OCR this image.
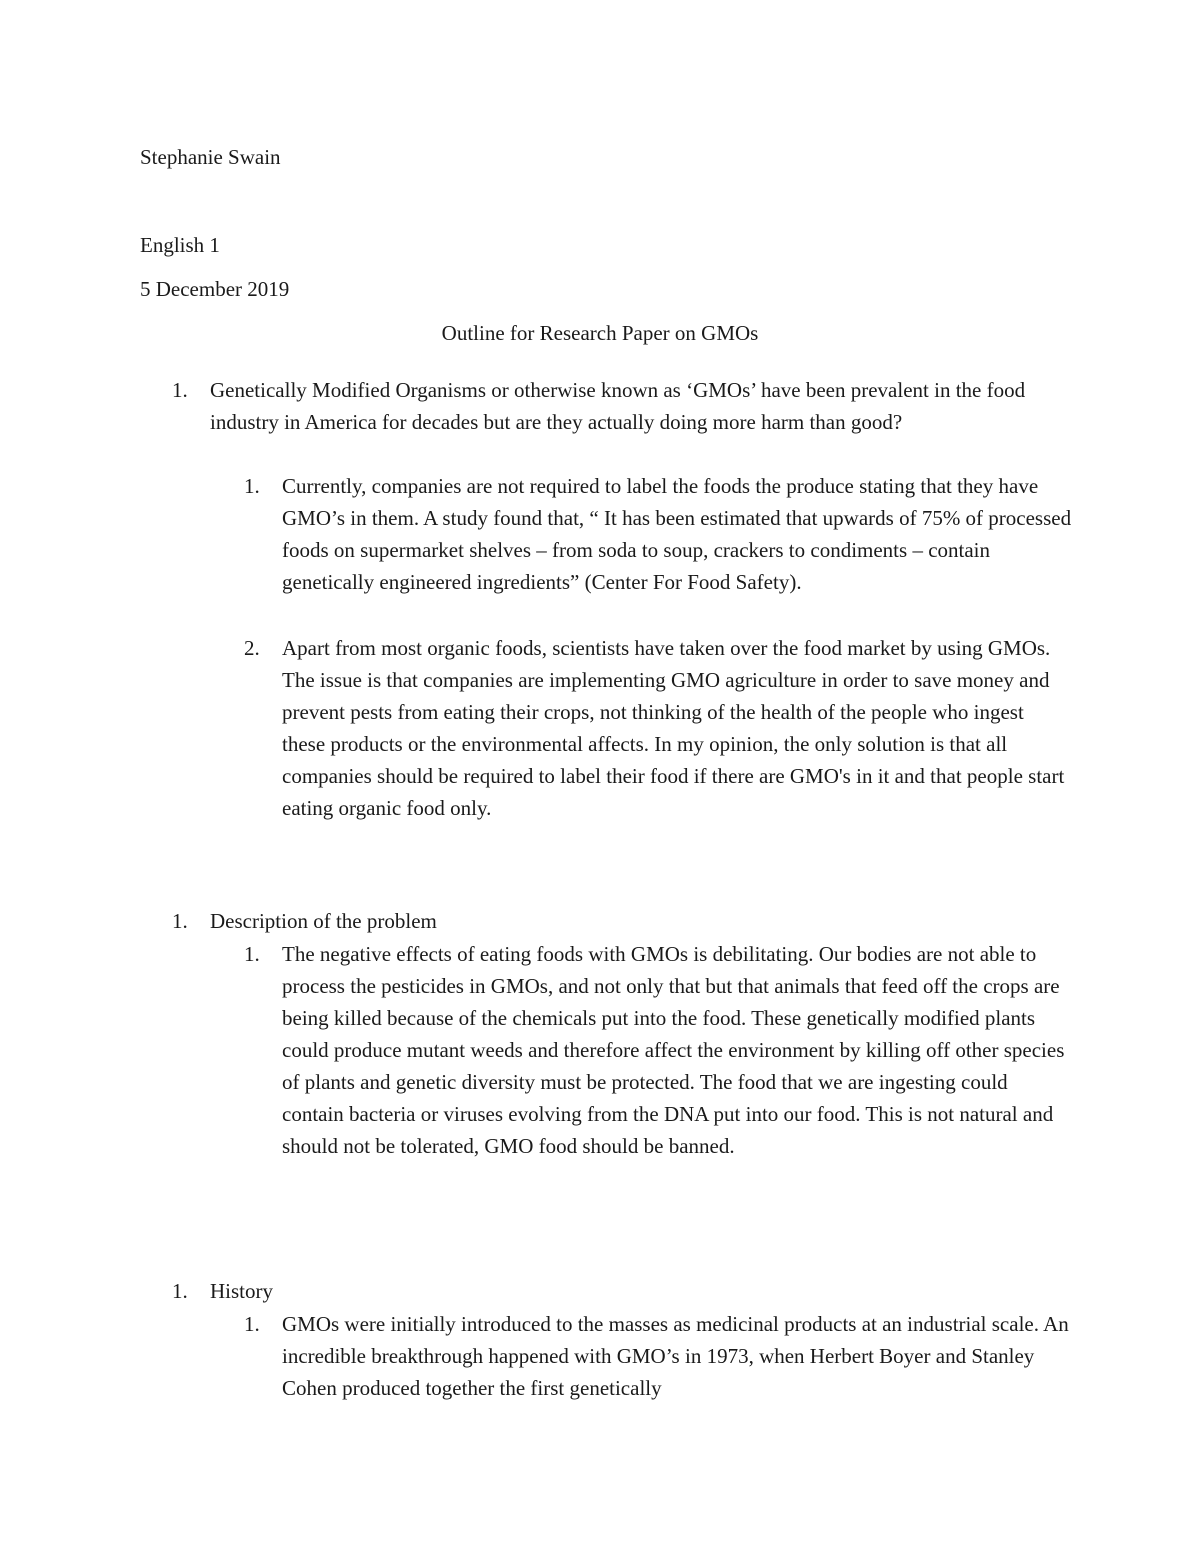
Stephanie Swain
English 1
5 December 2019
Outline for Research Paper on GMOs
1. Genetically Modified Organisms or otherwise known as ‘GMOs’ have been prevalent in the food industry in America for decades but are they actually doing more harm than good?
1. Currently, companies are not required to label the foods the produce stating that they have GMO’s in them. A study found that, “ It has been estimated that upwards of 75% of processed foods on supermarket shelves – from soda to soup, crackers to condiments – contain genetically engineered ingredients” (Center For Food Safety).
2. Apart from most organic foods, scientists have taken over the food market by using GMOs. The issue is that companies are implementing GMO agriculture in order to save money and prevent pests from eating their crops, not thinking of the health of the people who ingest these products or the environmental affects. In my opinion, the only solution is that all companies should be required to label their food if there are GMO's in it and that people start eating organic food only.
1. Description of the problem
1. The negative effects of eating foods with GMOs is debilitating. Our bodies are not able to process the pesticides in GMOs, and not only that but that animals that feed off the crops are being killed because of the chemicals put into the food. These genetically modified plants could produce mutant weeds and therefore affect the environment by killing off other species of plants and genetic diversity must be protected. The food that we are ingesting could contain bacteria or viruses evolving from the DNA put into our food. This is not natural and should not be tolerated, GMO food should be banned.
1. History
1. GMOs were initially introduced to the masses as medicinal products at an industrial scale. An incredible breakthrough happened with GMO’s in 1973, when Herbert Boyer and Stanley Cohen produced together the first genetically
